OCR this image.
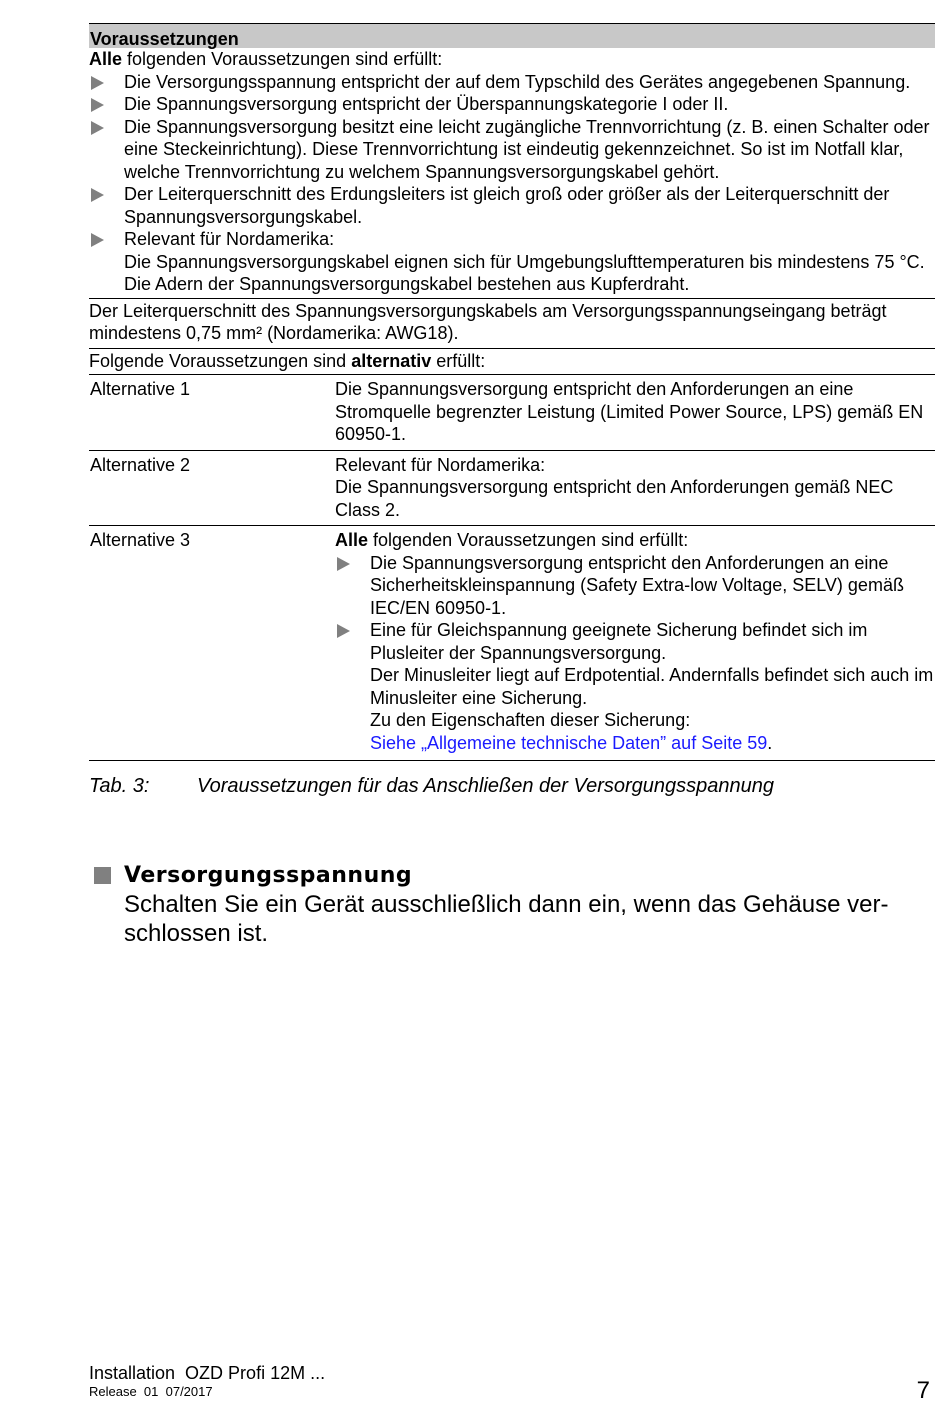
Voraussetzungen

Alle folgenden Voraussetzungen sind erfüllt:

Die Versorgungsspannung entspricht der auf dem Typschild des Gerätes angegebenen Spannung.

Die Spannungsversorgung entspricht der Überspannungskategorie I oder II.

Die Spannungsversorgung besitzt eine leicht zugängliche Trennvorrichtung (z. B. einen Schalter oder eine Steckeinrichtung). Diese Trennvorrichtung ist eindeutig gekennzeichnet. So ist im Notfall klar, welche Trennvorrichtung zu welchem Spannungsversorgungskabel gehört.

Der Leiterquerschnitt des Erdungsleiters ist gleich groß oder größer als der Leiterquerschnitt der Spannungsversorgungskabel.

Relevant für Nordamerika:
Die Spannungsversorgungskabel eignen sich für Umgebungslufttemperaturen bis mindestens 75 °C. Die Adern der Spannungsversorgungskabel bestehen aus Kupferdraht.

Der Leiterquerschnitt des Spannungsversorgungskabels am Versorgungsspannungseingang beträgt mindestens 0,75 mm² (Nordamerika: AWG18).

Folgende Voraussetzungen sind alternativ erfüllt:

Alternative 1	Die Spannungsversorgung entspricht den Anforderungen an eine Stromquelle begrenzter Leistung (Limited Power Source, LPS) gemäß EN 60950-1.
Alternative 2	Relevant für Nordamerika:
Die Spannungsversorgung entspricht den Anforderungen gemäß NEC Class 2.
Alternative 3	Alle folgenden Voraussetzungen sind erfüllt:

Die Spannungsversorgung entspricht den Anforderungen an eine Sicherheitskleinspannung (Safety Extra-low Voltage, SELV) gemäß IEC/EN 60950-1.

Eine für Gleichspannung geeignete Sicherung befindet sich im Plusleiter der Spannungsversorgung.
Der Minusleiter liegt auf Erdpotential. Andernfalls befindet sich auch im Minusleiter eine Sicherung.
Zu den Eigenschaften dieser Sicherung:
Siehe „Allgemeine technische Daten” auf Seite 59.

Tab. 3:	Voraussetzungen für das Anschließen der Versorgungsspannung
Versorgungsspannung
Schalten Sie ein Gerät ausschließlich dann ein, wenn das Gehäuse verschlossen ist.
Installation  OZD Profi 12M ...
Release  01  07/2017	7
